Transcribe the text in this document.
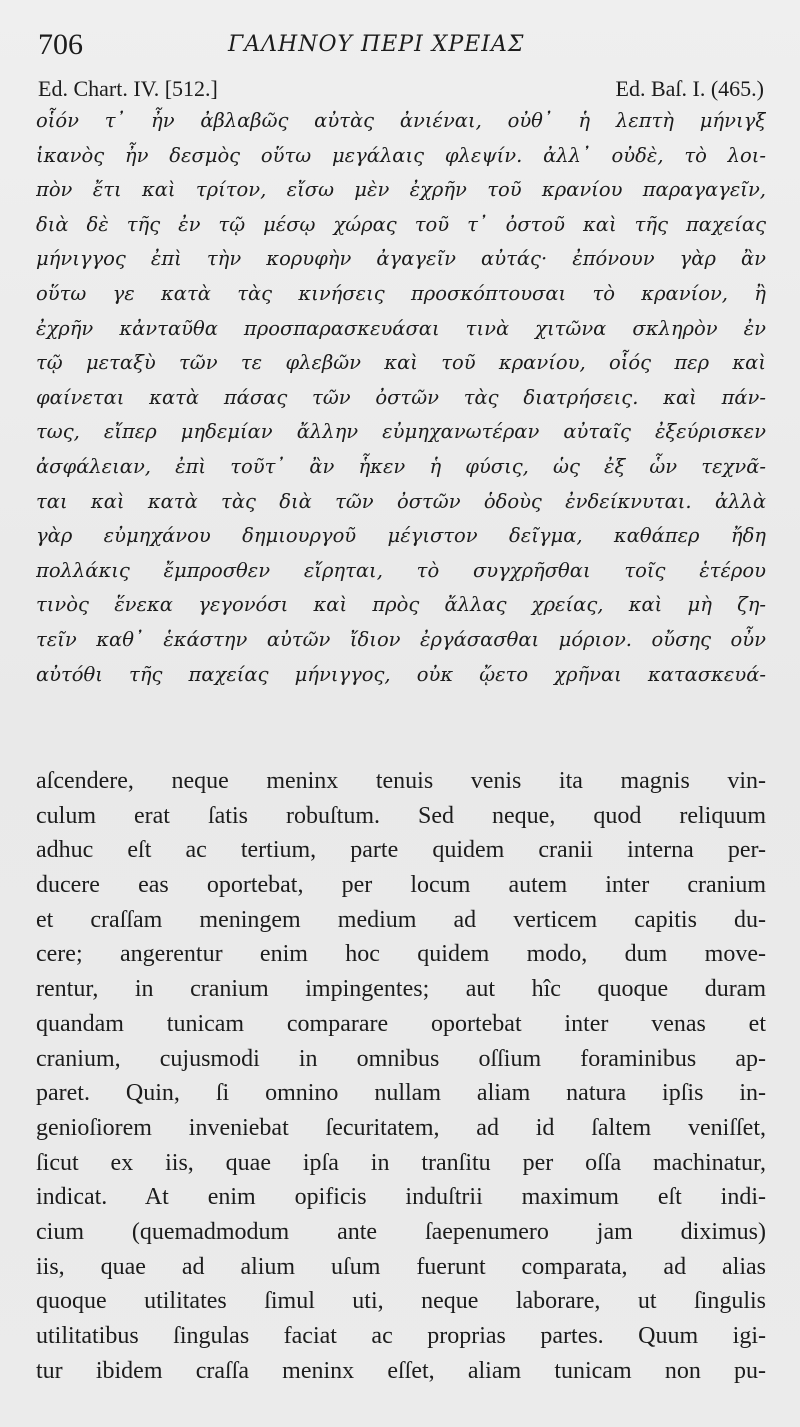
706	ΓΑΛΗΝΟΥ ΠΕΡΙ ΧΡΕΙΑΣ
Ed. Chart. IV. [512.]	Ed. Baſ. I. (465.)
οἷόν τ᾽ ἦν ἀβλαβῶς αὐτὰς ἀνιέναι, οὐθ᾽ ἡ λεπτὴ μήνιγξ
ἱκανὸς ἦν δεσμὸς οὕτω μεγάλαις φλεψίν. ἀλλ᾽ οὐδὲ, τὸ λοι-
πὸν ἔτι καὶ τρίτον, εἴσω μὲν ἐχρῆν τοῦ κρανίου παραγαγεῖν,
διὰ δὲ τῆς ἐν τῷ μέσῳ χώρας τοῦ τ᾽ ὀστοῦ καὶ τῆς παχείας
μήνιγγος ἐπὶ τὴν κορυφὴν ἀγαγεῖν αὐτάς· ἐπόνουν γὰρ ἂν
οὕτω γε κατὰ τὰς κινήσεις προσκόπτουσαι τὸ κρανίον, ἢ
ἐχρῆν κἀνταῦθα προσπαρασκευάσαι τινὰ χιτῶνα σκληρὸν ἐν
τῷ μεταξὺ τῶν τε φλεβῶν καὶ τοῦ κρανίου, οἷός περ καὶ
φαίνεται κατὰ πάσας τῶν ὀστῶν τὰς διατρήσεις. καὶ πάν-
τως, εἴπερ μηδεμίαν ἄλλην εὐμηχανωτέραν αὐταῖς ἐξεύρισκεν
ἀσφάλειαν, ἐπὶ τοῦτ᾽ ἂν ἧκεν ἡ φύσις, ὡς ἐξ ὧν τεχνᾶ-
ται καὶ κατὰ τὰς διὰ τῶν ὀστῶν ὁδοὺς ἐνδείκνυται. ἀλλὰ
γὰρ εὐμηχάνου δημιουργοῦ μέγιστον δεῖγμα, καθάπερ ἤδη
πολλάκις ἔμπροσθεν εἴρηται, τὸ συγχρῆσθαι τοῖς ἑτέρου
τινὸς ἕνεκα γεγονόσι καὶ πρὸς ἄλλας χρείας, καὶ μὴ ζη-
τεῖν καθ᾽ ἑκάστην αὐτῶν ἴδιον ἐργάσασθαι μόριον. οὔσης οὖν
αὐτόθι τῆς παχείας μήνιγγος, οὐκ ᾤετο χρῆναι κατασκευά-
aſcendere, neque meninx tenuis venis ita magnis vin-
culum erat ſatis robuſtum. Sed neque, quod reliquum
adhuc eſt ac tertium, parte quidem cranii interna per-
ducere eas oportebat, per locum autem inter cranium
et craſſam meningem medium ad verticem capitis du-
cere; angerentur enim hoc quidem modo, dum move-
rentur, in cranium impingentes; aut hîc quoque duram
quandam tunicam comparare oportebat inter venas et
cranium, cujusmodi in omnibus oſſium foraminibus ap-
paret. Quin, ſi omnino nullam aliam natura ipſis in-
genioſiorem inveniebat ſecuritatem, ad id ſaltem veniſſet,
ſicut ex iis, quae ipſa in tranſitu per oſſa machinatur,
indicat. At enim opificis induſtrii maximum eſt indi-
cium (quemadmodum ante ſaepenumero jam diximus)
iis, quae ad alium uſum fuerunt comparata, ad alias
quoque utilitates ſimul uti, neque laborare, ut ſingulis
utilitatibus ſingulas faciat ac proprias partes. Quum igi-
tur ibidem craſſa meninx eſſet, aliam tunicam non pu-
